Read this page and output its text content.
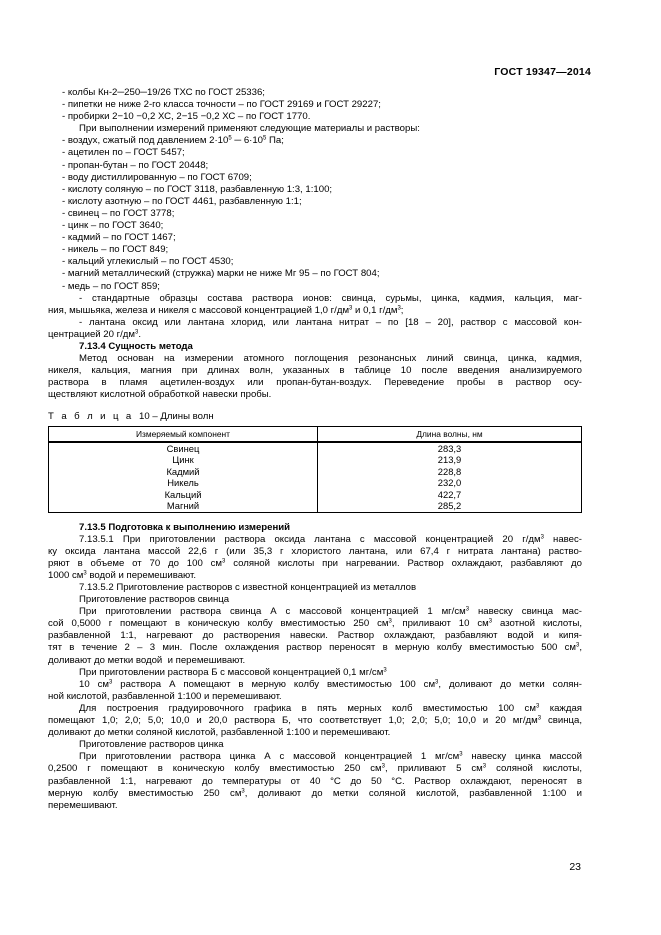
ГОСТ 19347—2014
- колбы Кн-2─250─19/26 ТХС по ГОСТ 25336;
- пипетки не ниже 2-го класса точности – по ГОСТ 29169 и ГОСТ 29227;
- пробирки 2−10 −0,2 ХС, 2−15 −0,2 ХС – по ГОСТ 1770.
При выполнении измерений применяют следующие материалы и растворы:
- воздух, сжатый под давлением $2\cdot 10^5$ ─ $6\cdot 10^5$ Па;
- ацетилен по – ГОСТ 5457;
- пропан-бутан – по ГОСТ 20448;
- воду дистиллированную – по ГОСТ 6709;
- кислоту соляную – по ГОСТ 3118, разбавленную 1:3, 1:100;
- кислоту азотную – по ГОСТ 4461, разбавленную 1:1;
- свинец – по ГОСТ 3778;
- цинк – по ГОСТ 3640;
- кадмий – по ГОСТ 1467;
- никель – по ГОСТ 849;
- кальций углекислый – по ГОСТ 4530;
- магний металлический (стружка) марки не ниже Мг 95 – по ГОСТ 804;
- медь – по ГОСТ 859;
- стандартные образцы состава раствора ионов: свинца, сурьмы, цинка, кадмия, кальция, маг-
ния, мышьяка, железа и никеля с массовой концентрацией 1,0 $г/дм^3$ и 0,1 $г/дм^3$;
- лантана оксид или лантана хлорид, или лантана нитрат – по [18 – 20], раствор с массовой кон-
центрацией 20 $г/дм^3$.
7.13.4 Сущность метода
Метод основан на измерении атомного поглощения резонансных линий свинца, цинка, кадмия,
никеля, кальция, магния при длинах волн, указанных в таблице 10 после введения анализируемого
раствора в пламя ацетилен-воздух или пропан-бутан-воздух. Переведение пробы в раствор осу-
ществляют кислотной обработкой навески пробы.
Т а б л и ц а  10 – Длины волн
Измеряемый компонент	Длина волны, нм
Свинец	283,3
Цинк	213,9
Кадмий	228,8
Никель	232,0
Кальций	422,7
Магний	285,2
7.13.5 Подготовка к выполнению измерений
7.13.5.1 При приготовлении раствора оксида лантана с массовой концентрацией 20 $г/дм^3$ навес-
ку оксида лантана массой 22,6 г (или 35,3 г хлористого лантана, или 67,4 г нитрата лантана) раство-
ряют в объеме от 70 до 100 $см^3$ соляной кислоты при нагревании. Раствор охлаждают, разбавляют до
1000 $см^3$ водой и перемешивают.
7.13.5.2 Приготовление растворов с известной концентрацией из металлов
Приготовление растворов свинца
При приготовлении раствора свинца А с массовой концентрацией 1 $мг/см^3$ навеску свинца мас-
сой 0,5000 г помещают в коническую колбу вместимостью 250 $см^3$, приливают 10 $см^3$ азотной кислоты,
разбавленной 1:1, нагревают до растворения навески. Раствор охлаждают, разбавляют водой и кипя-
тят в течение 2 – 3 мин. После охлаждения раствор переносят в мерную колбу вместимостью 500 $см^3$,
доливают до метки водой  и перемешивают.
При приготовлении раствора Б с массовой концентрацией 0,1 $мг/см^3$
10 $см^3$ раствора А помещают в мерную колбу вместимостью 100 $см^3$, доливают до метки солян-
ной кислотой, разбавленной 1:100 и перемешивают.
Для построения градуировочного графика в пять мерных колб вместимостью 100 $см^3$ каждая
помещают 1,0; 2,0; 5,0; 10,0 и 20,0 раствора Б, что соответствует 1,0; 2,0; 5,0; 10,0 и 20 $мг/дм^3$ свинца,
доливают до метки соляной кислотой, разбавленной 1:100 и перемешивают.
Приготовление растворов цинка
При приготовлении раствора цинка А с массовой концентрацией 1 $мг/см^3$ навеску цинка массой
0,2500 г помещают в коническую колбу вместимостью 250 $см^3$, приливают 5 $см^3$ соляной кислоты,
разбавленной 1:1, нагревают до температуры от 40 °С до 50 °С. Раствор охлаждают, переносят в
мерную колбу вместимостью 250 $см^3$, доливают до метки соляной кислотой, разбавленной 1:100 и
перемешивают.
23
